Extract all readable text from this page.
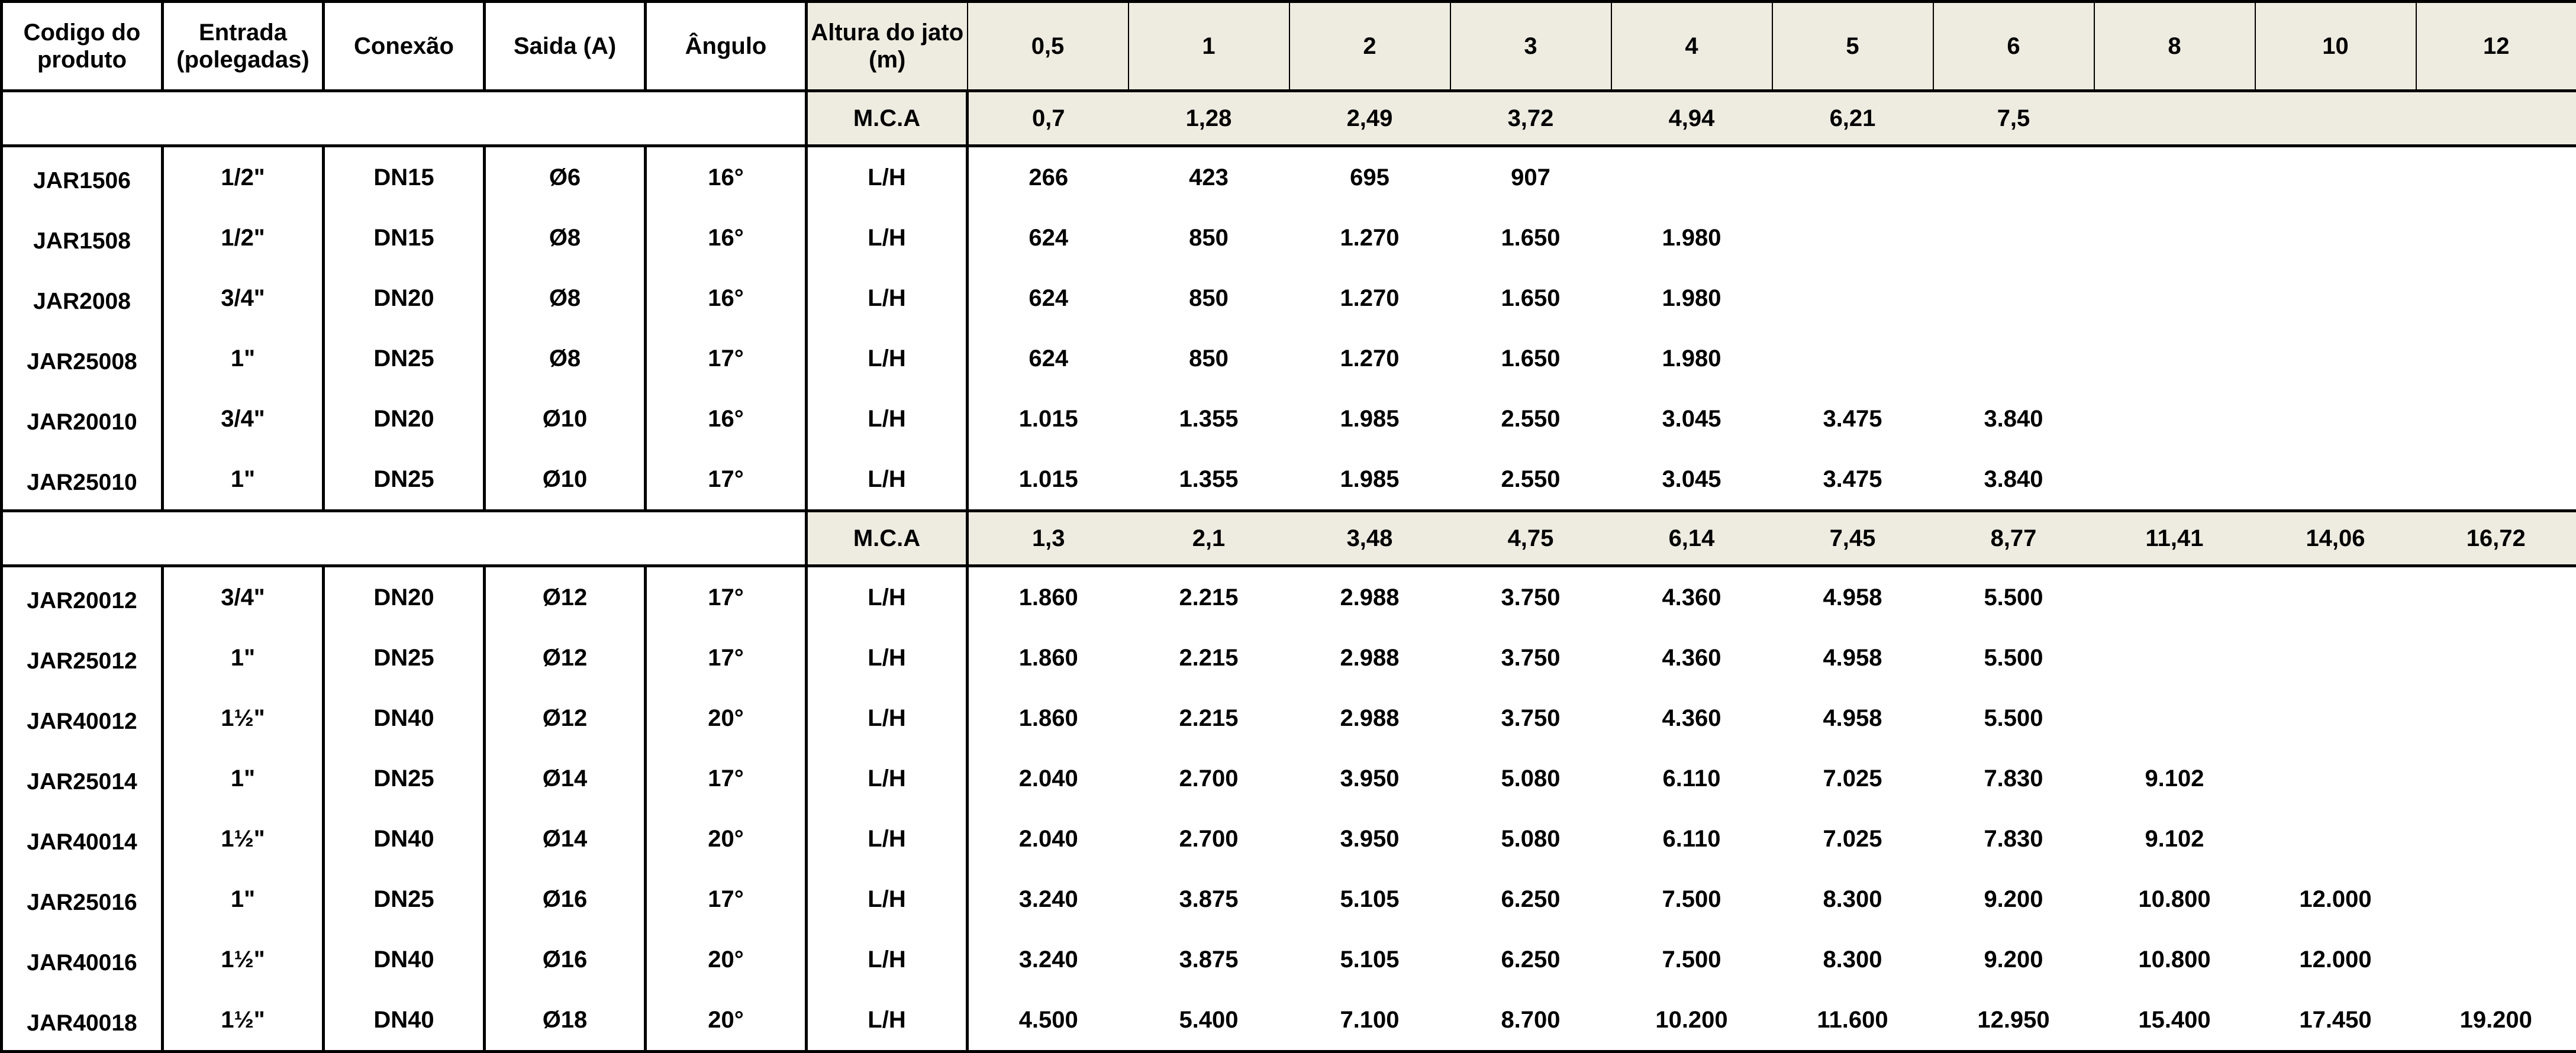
Codigo do produto	Entrada (polegadas)	Conexão	Saida (A)	Ângulo	Altura do jato (m)	0,5	1	2	3	4	5	6	8	10	12
					M.C.A	0,7	1,28	2,49	3,72	4,94	6,21	7,5			
JAR1506	1/2"	DN15	Ø6	16°	L/H	266	423	695	907						
JAR1508	1/2"	DN15	Ø8	16°	L/H	624	850	1.270	1.650	1.980					
JAR2008	3/4"	DN20	Ø8	16°	L/H	624	850	1.270	1.650	1.980					
JAR25008	1"	DN25	Ø8	17°	L/H	624	850	1.270	1.650	1.980					
JAR20010	3/4"	DN20	Ø10	16°	L/H	1.015	1.355	1.985	2.550	3.045	3.475	3.840			
JAR25010	1"	DN25	Ø10	17°	L/H	1.015	1.355	1.985	2.550	3.045	3.475	3.840			
					M.C.A	1,3	2,1	3,48	4,75	6,14	7,45	8,77	11,41	14,06	16,72
JAR20012	3/4"	DN20	Ø12	17°	L/H	1.860	2.215	2.988	3.750	4.360	4.958	5.500			
JAR25012	1"	DN25	Ø12	17°	L/H	1.860	2.215	2.988	3.750	4.360	4.958	5.500			
JAR40012	1½"	DN40	Ø12	20°	L/H	1.860	2.215	2.988	3.750	4.360	4.958	5.500			
JAR25014	1"	DN25	Ø14	17°	L/H	2.040	2.700	3.950	5.080	6.110	7.025	7.830	9.102		
JAR40014	1½"	DN40	Ø14	20°	L/H	2.040	2.700	3.950	5.080	6.110	7.025	7.830	9.102		
JAR25016	1"	DN25	Ø16	17°	L/H	3.240	3.875	5.105	6.250	7.500	8.300	9.200	10.800	12.000	
JAR40016	1½"	DN40	Ø16	20°	L/H	3.240	3.875	5.105	6.250	7.500	8.300	9.200	10.800	12.000	
JAR40018	1½"	DN40	Ø18	20°	L/H	4.500	5.400	7.100	8.700	10.200	11.600	12.950	15.400	17.450	19.200
